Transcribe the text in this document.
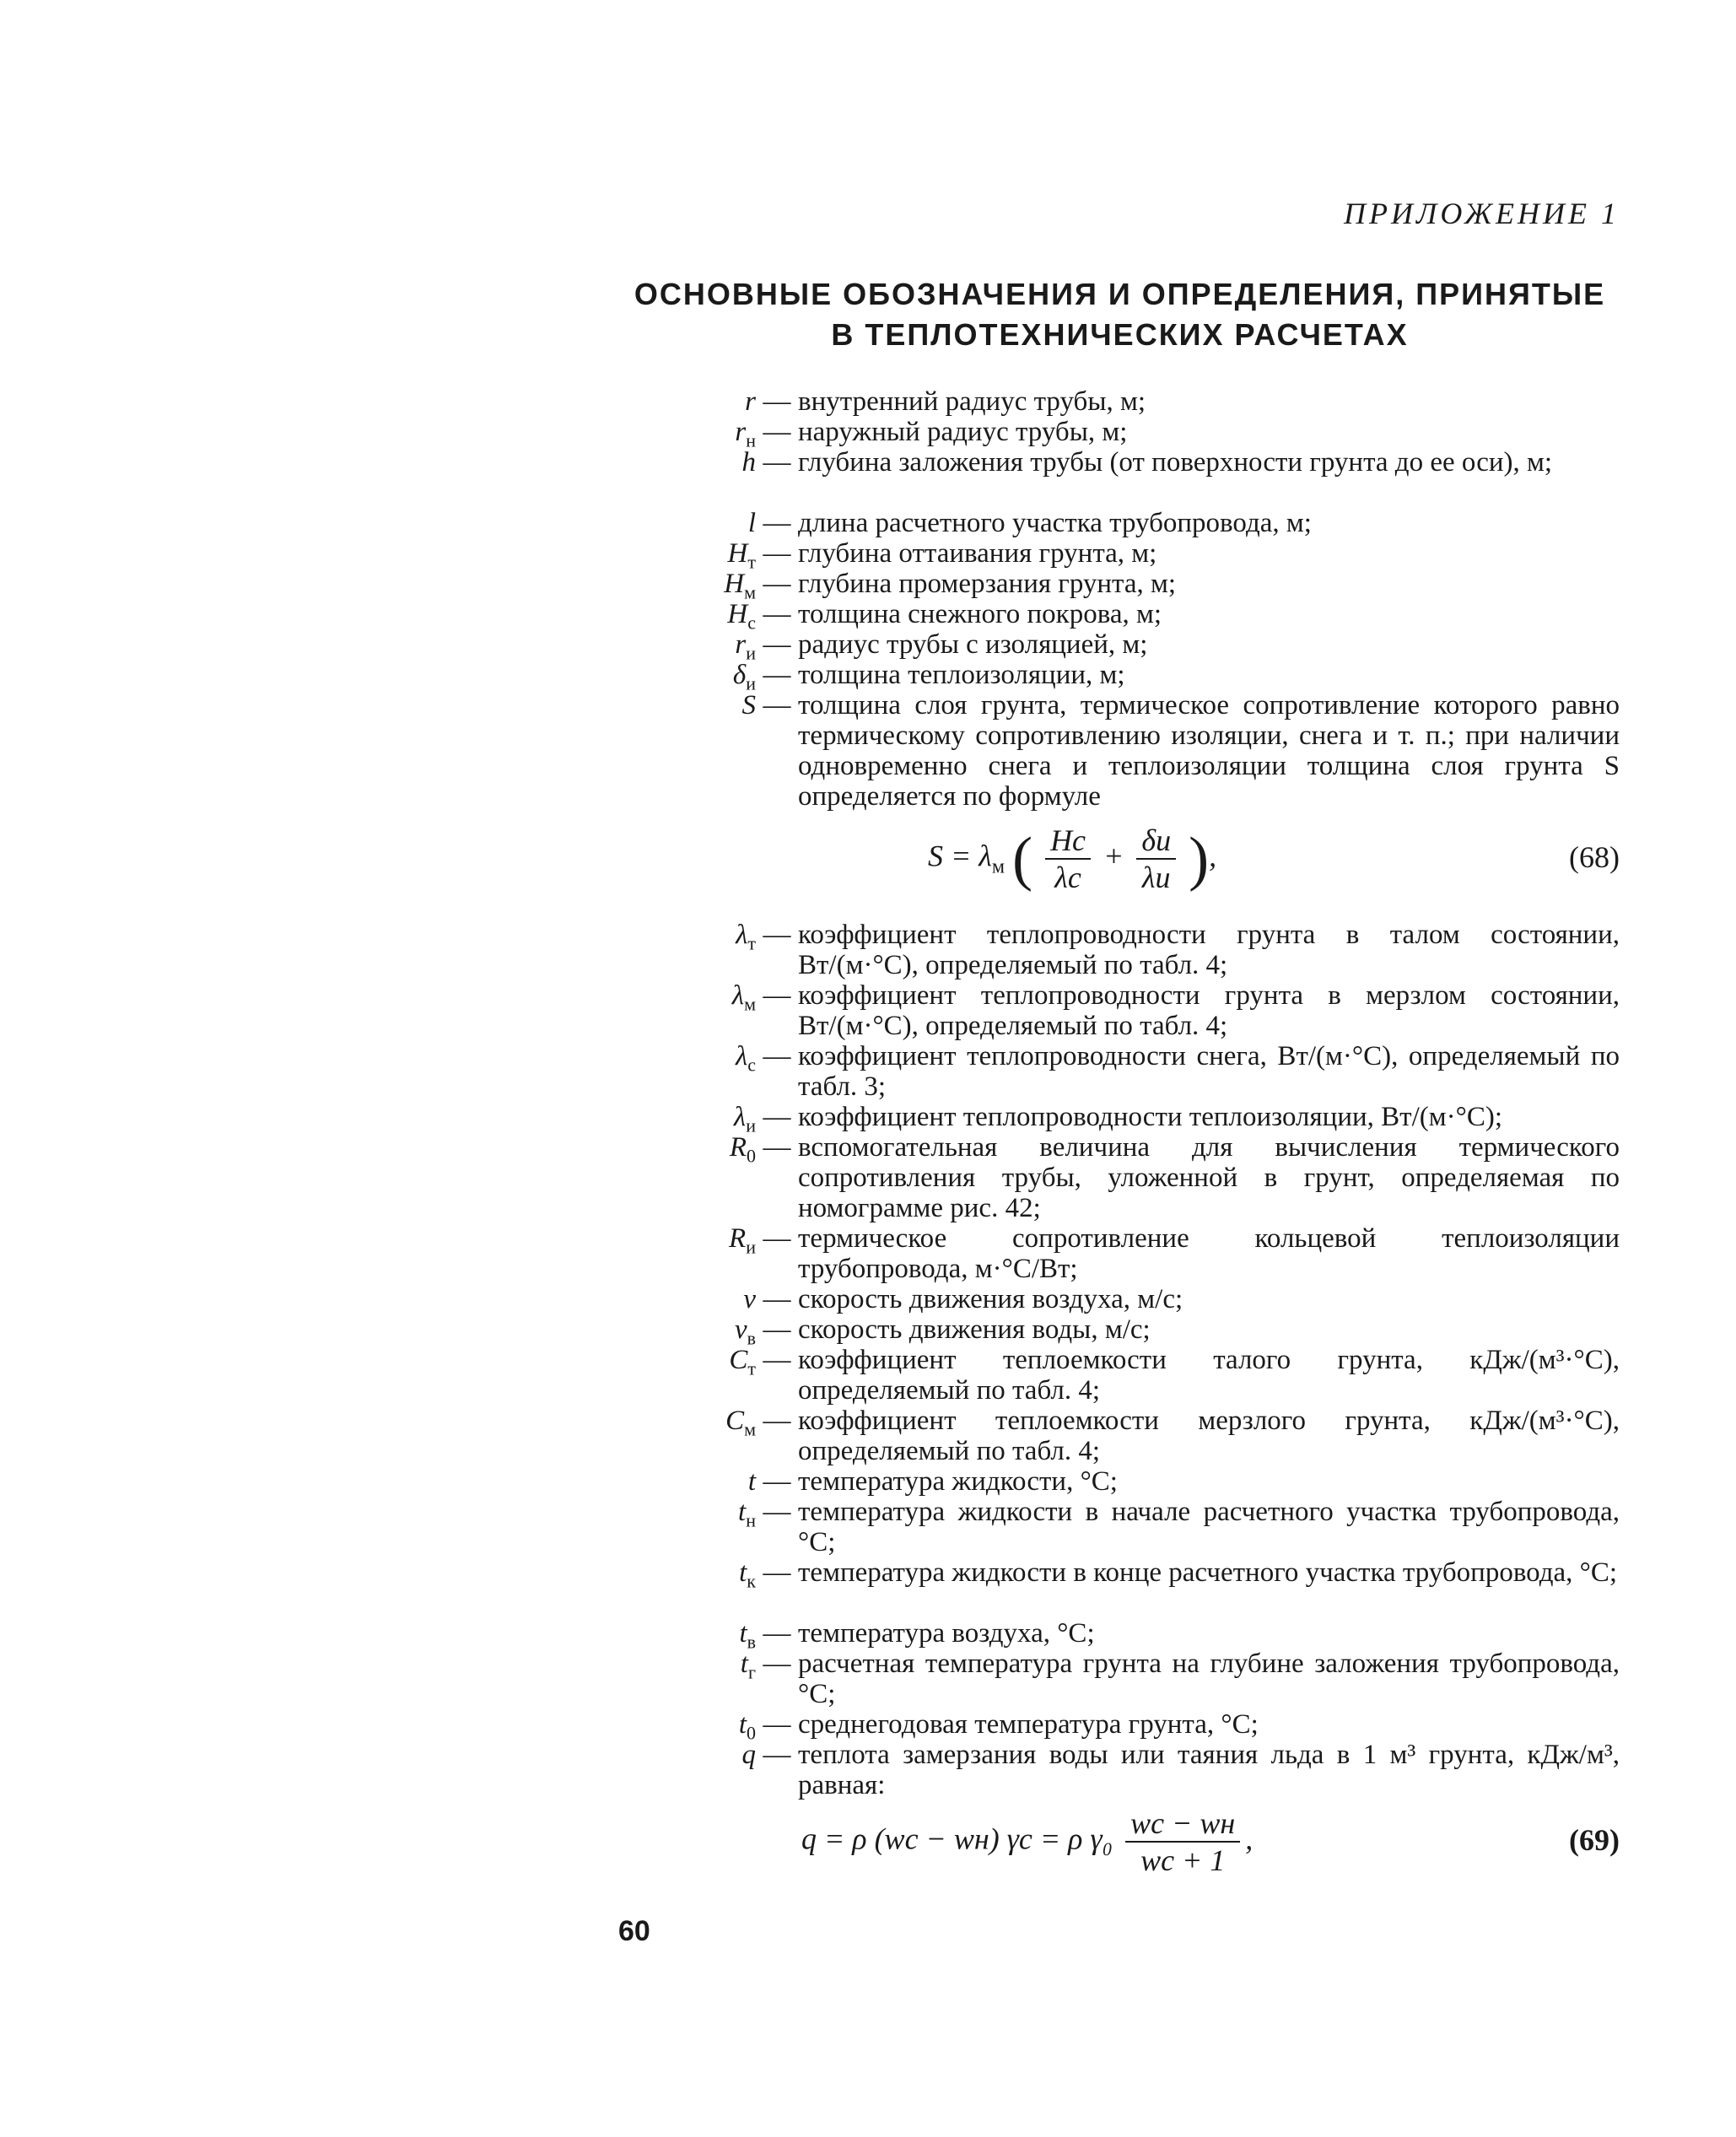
ПРИЛОЖЕНИЕ 1
ОСНОВНЫЕ ОБОЗНАЧЕНИЯ И ОПРЕДЕЛЕНИЯ, ПРИНЯТЫЕ
В ТЕПЛОТЕХНИЧЕСКИХ РАСЧЕТАХ
r — внутренний радиус трубы, м;
$r_н$ — наружный радиус трубы, м;
h — глубина заложения трубы (от поверхности грунта до ее оси), м;
l — длина расчетного участка трубопровода, м;
$H_т$ — глубина оттаивания грунта, м;
$H_м$ — глубина промерзания грунта, м;
$H_с$ — толщина снежного покрова, м;
$r_и$ — радиус трубы с изоляцией, м;
$\delta_и$ — толщина теплоизоляции, м;
S — толщина слоя грунта, термическое сопротивление которого равно термическому сопротивлению изоляции, снега и т. п.; при наличии одновременно снега и теплоизоляции толщина слоя грунта S определяется по формуле
$\lambda_т$ — коэффициент теплопроводности грунта в талом состоянии, Вт/(м·°С), определяемый по табл. 4;
$\lambda_м$ — коэффициент теплопроводности грунта в мерзлом состоянии, Вт/(м·°С), определяемый по табл. 4;
$\lambda_с$ — коэффициент теплопроводности снега, Вт/(м·°С), определяемый по табл. 3;
$\lambda_и$ — коэффициент теплопроводности теплоизоляции, Вт/(м·°С);
$R_0$ — вспомогательная величина для вычисления термического сопротивления трубы, уложенной в грунт, определяемая по номограмме рис. 42;
$R_и$ — термическое сопротивление кольцевой теплоизоляции трубопровода, м·°С/Вт;
v — скорость движения воздуха, м/с;
$v_в$ — скорость движения воды, м/с;
$C_т$ — коэффициент теплоемкости талого грунта, кДж/(м³·°С), определяемый по табл. 4;
$C_м$ — коэффициент теплоемкости мерзлого грунта, кДж/(м³·°С), определяемый по табл. 4;
t — температура жидкости, °С;
$t_н$ — температура жидкости в начале расчетного участка трубопровода, °С;
$t_к$ — температура жидкости в конце расчетного участка трубопровода, °С;
$t_в$ — температура воздуха, °С;
$t_г$ — расчетная температура грунта на глубине заложения трубопровода, °С;
$t_0$ — среднегодовая температура грунта, °С;
q — теплота замерзания воды или таяния льда в 1 м³ грунта, кДж/м³, равная:
$S = \lambda_м$ ( $\frac{Hс}{\lambda с} + \frac{\delta и}{\lambda и}$ ),	(68)
q = ρ (wс − wн) γс = ρ $\gamma_0 \frac{wс - wн}{wс + 1}$ ,	(69)
60
